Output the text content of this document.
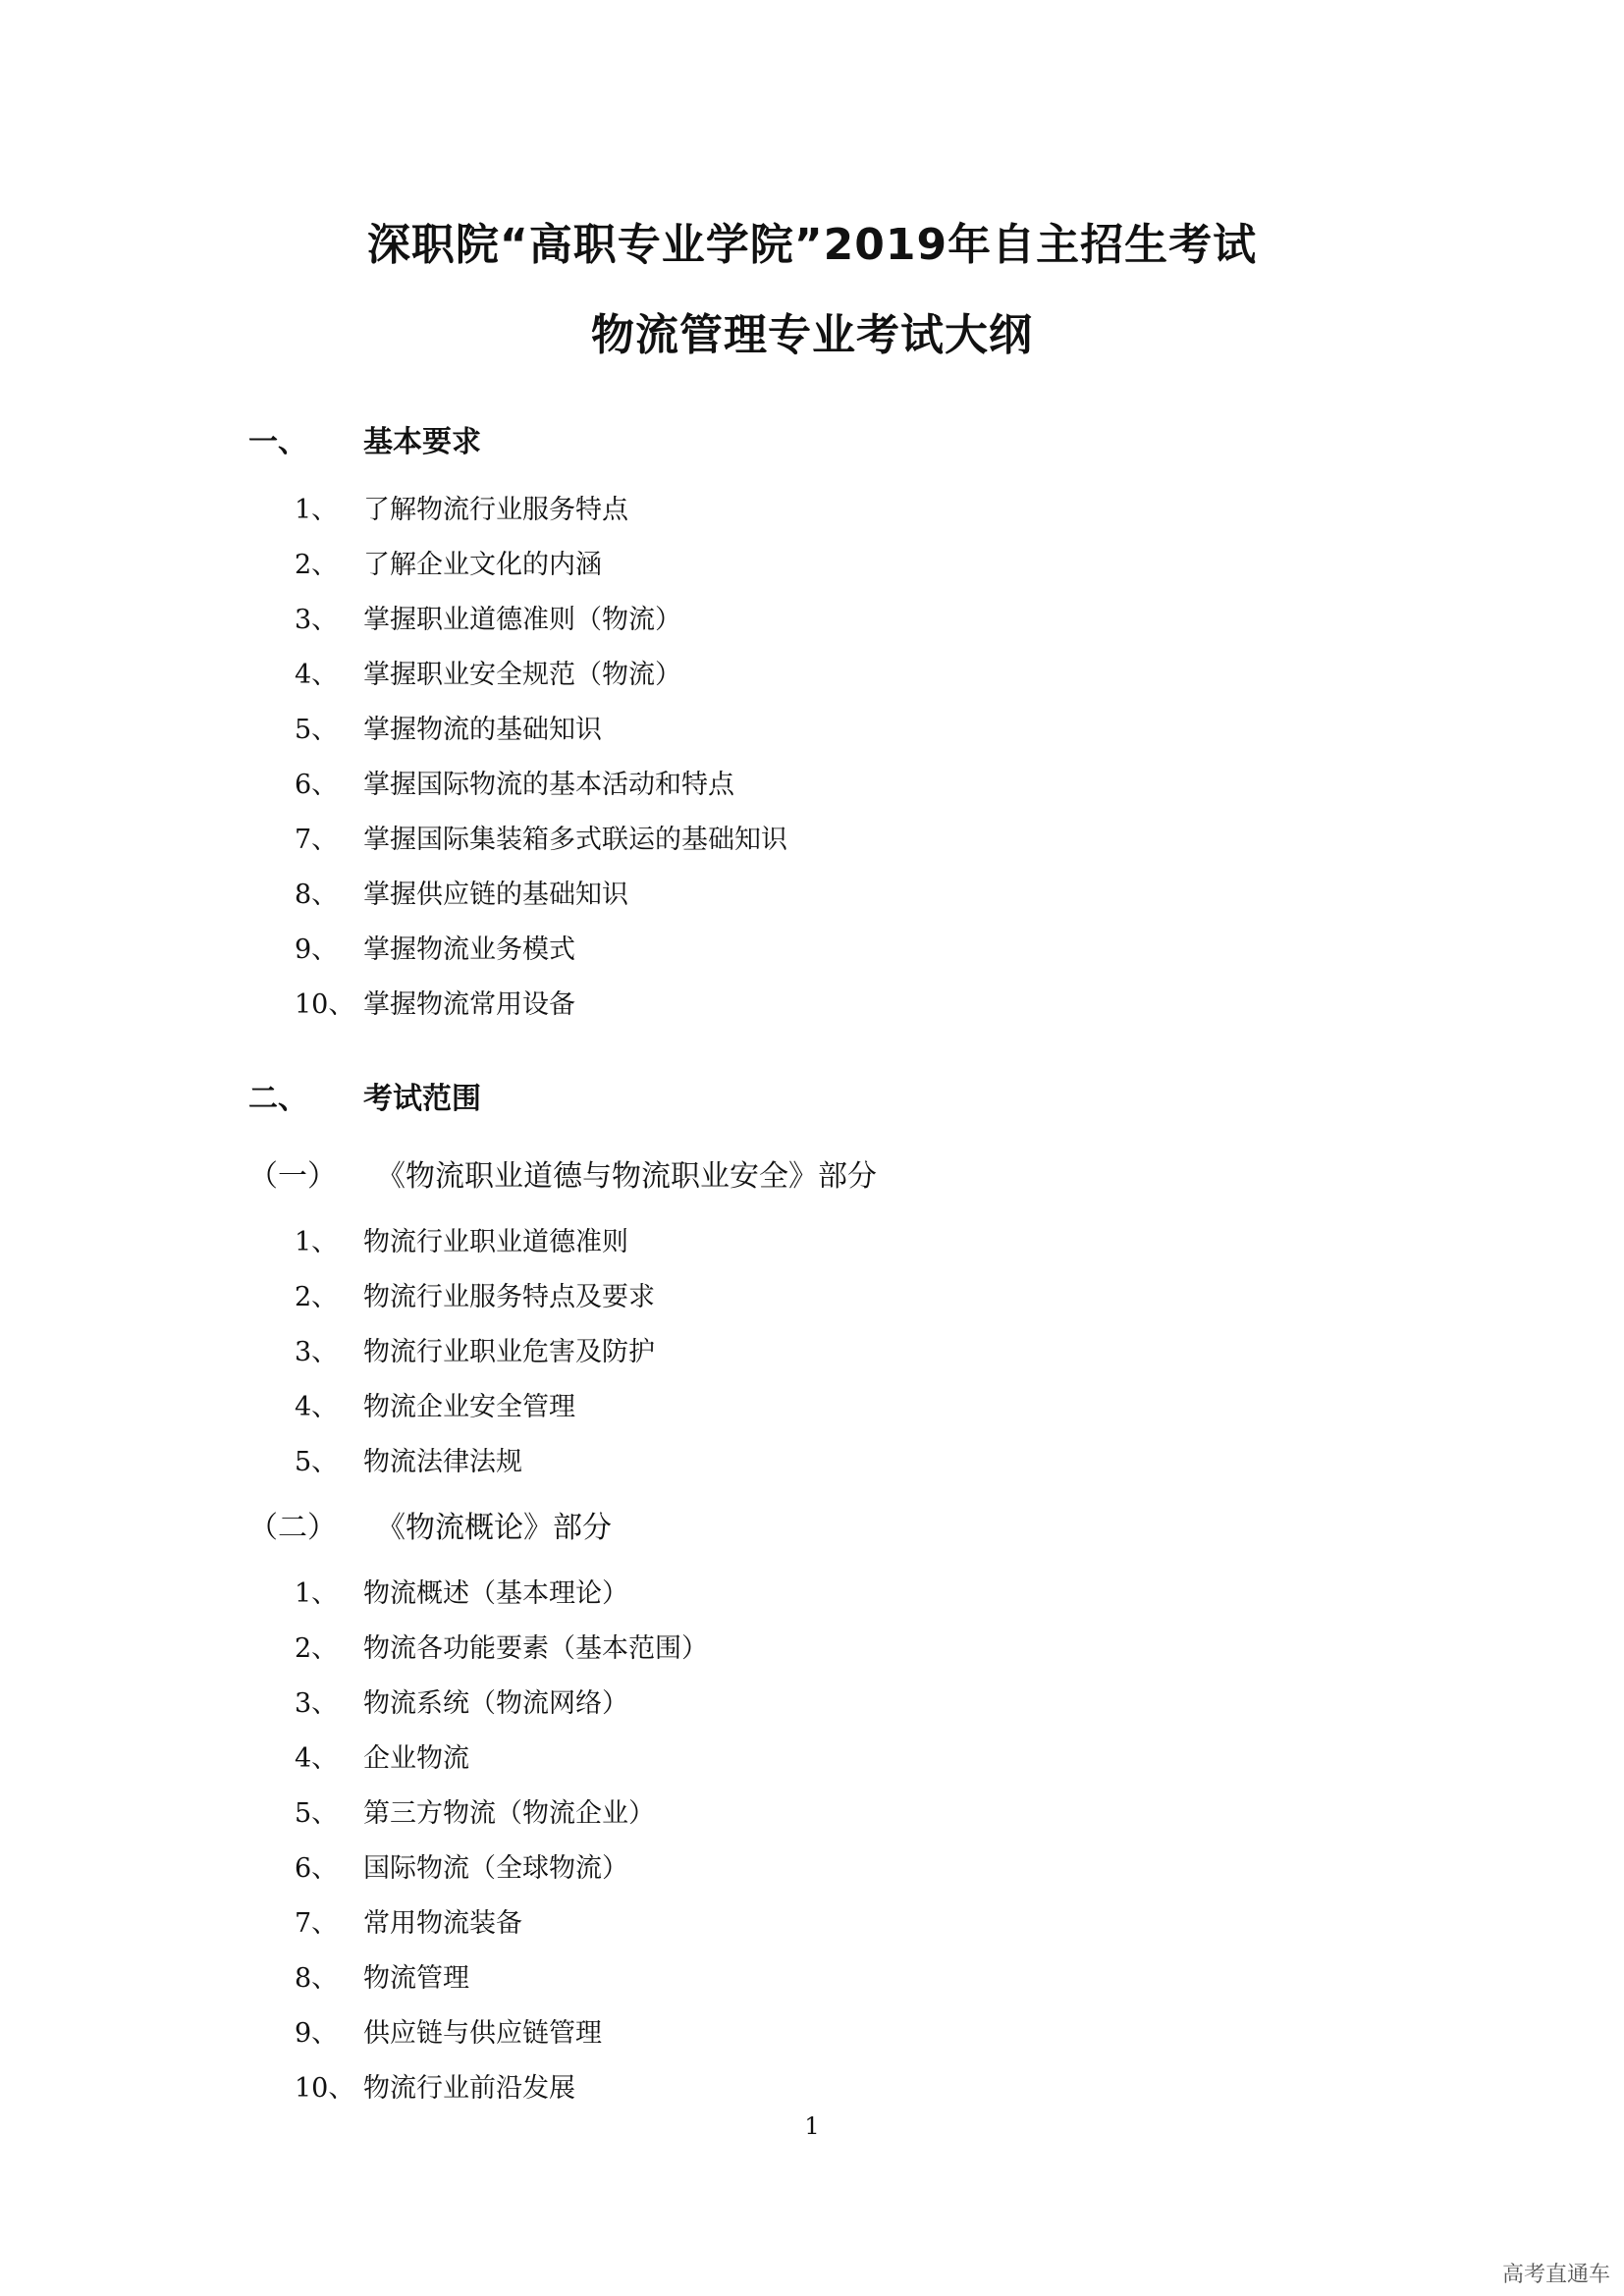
深职院“高职专业学院”2019年自主招生考试
物流管理专业考试大纲
一、 基本要求
1、 了解物流行业服务特点
2、 了解企业文化的内涵
3、 掌握职业道德准则（物流）
4、 掌握职业安全规范（物流）
5、 掌握物流的基础知识
6、 掌握国际物流的基本活动和特点
7、 掌握国际集装箱多式联运的基础知识
8、 掌握供应链的基础知识
9、 掌握物流业务模式
10、 掌握物流常用设备
二、 考试范围
（一） 《物流职业道德与物流职业安全》部分
1、 物流行业职业道德准则
2、 物流行业服务特点及要求
3、 物流行业职业危害及防护
4、 物流企业安全管理
5、 物流法律法规
（二） 《物流概论》部分
1、 物流概述（基本理论）
2、 物流各功能要素（基本范围）
3、 物流系统（物流网络）
4、 企业物流
5、 第三方物流（物流企业）
6、 国际物流（全球物流）
7、 常用物流装备
8、 物流管理
9、 供应链与供应链管理
10、 物流行业前沿发展
1
高考直通车
